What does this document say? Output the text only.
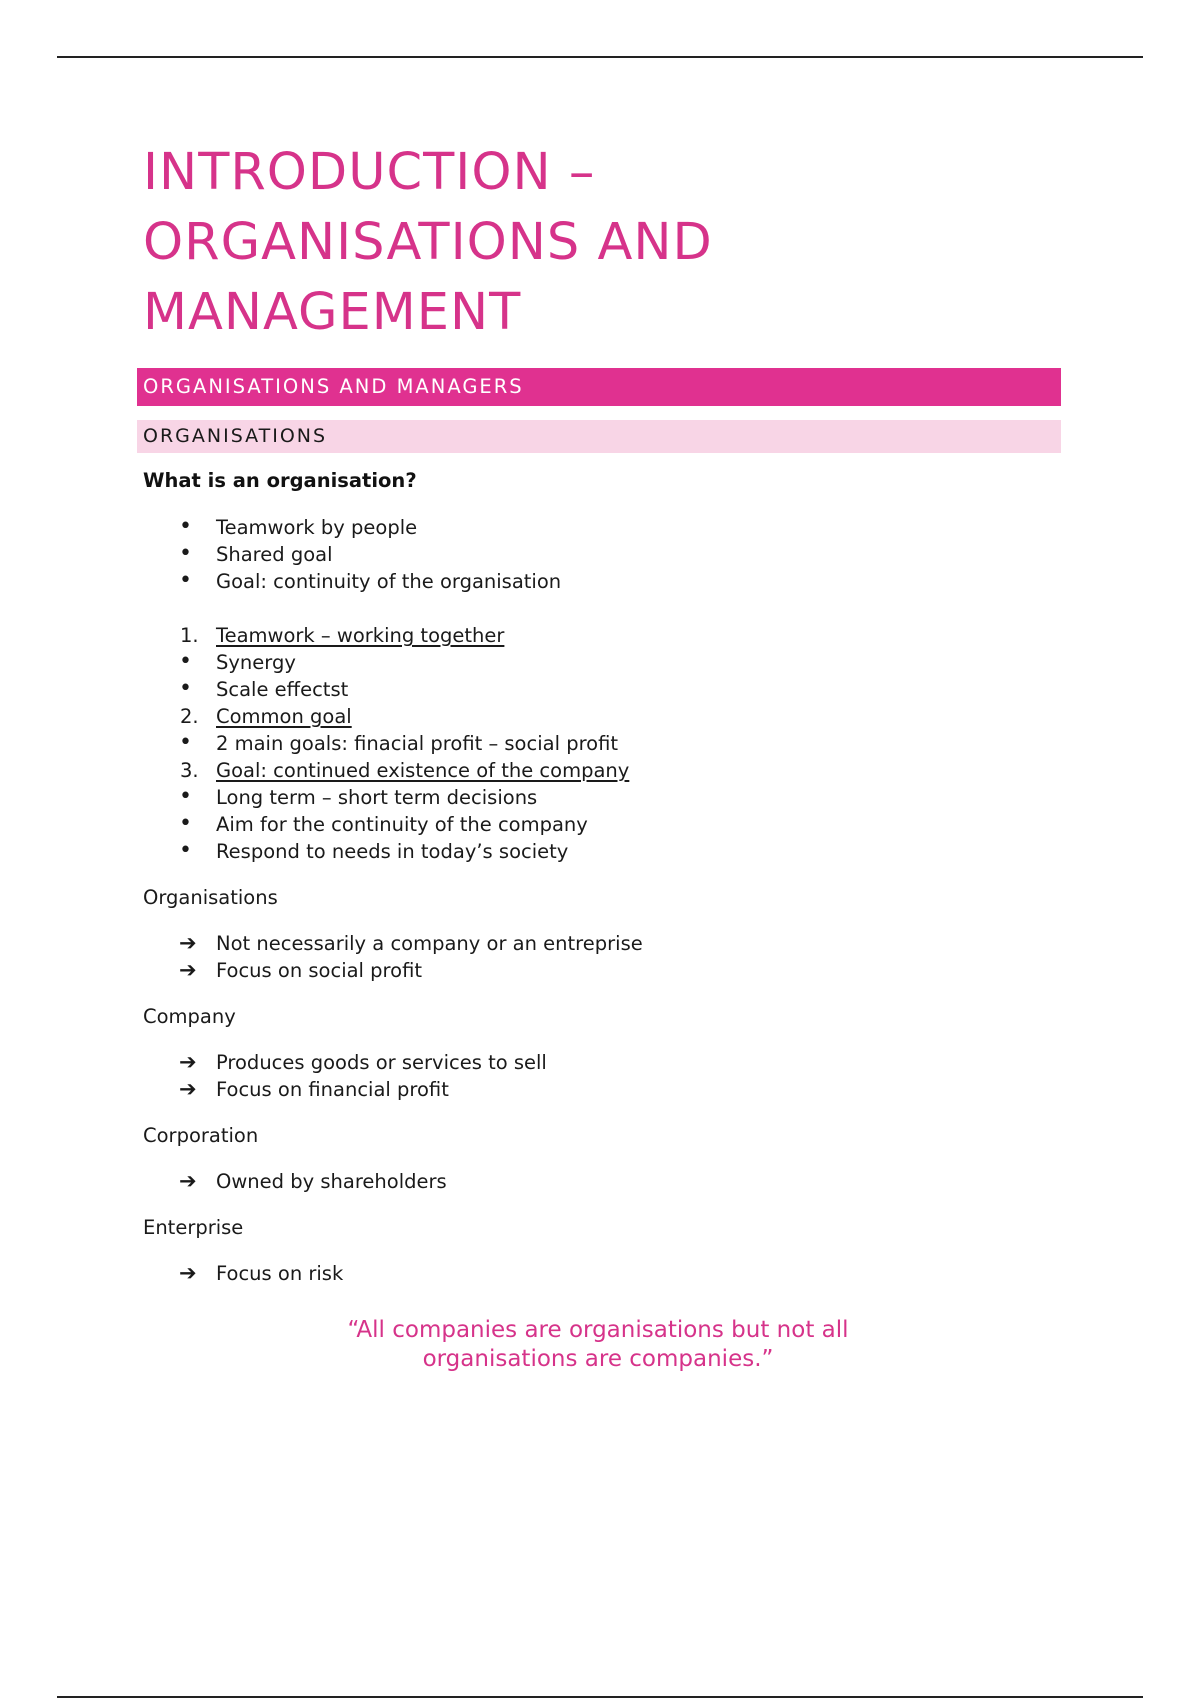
INTRODUCTION – ORGANISATIONS AND MANAGEMENT
ORGANISATIONS AND MANAGERS
ORGANISATIONS

What is an organisation?

•	Teamwork by people
•	Shared goal
•	Goal: continuity of the organisation
1. Teamwork – working together
•	Synergy
•	Scale effectst
2. Common goal
•	2 main goals: finacial profit – social profit
3. Goal: continued existence of the company
•	Long term – short term decisions
•	Aim for the continuity of the company
•	Respond to needs in today’s society

Organisations

➔ Not necessarily a company or an entreprise
➔ Focus on social profit

Company

➔ Produces goods or services to sell
➔ Focus on financial profit

Corporation

➔ Owned by shareholders

Enterprise

➔ Focus on risk
“All companies are organisations but not all
organisations are companies.”
